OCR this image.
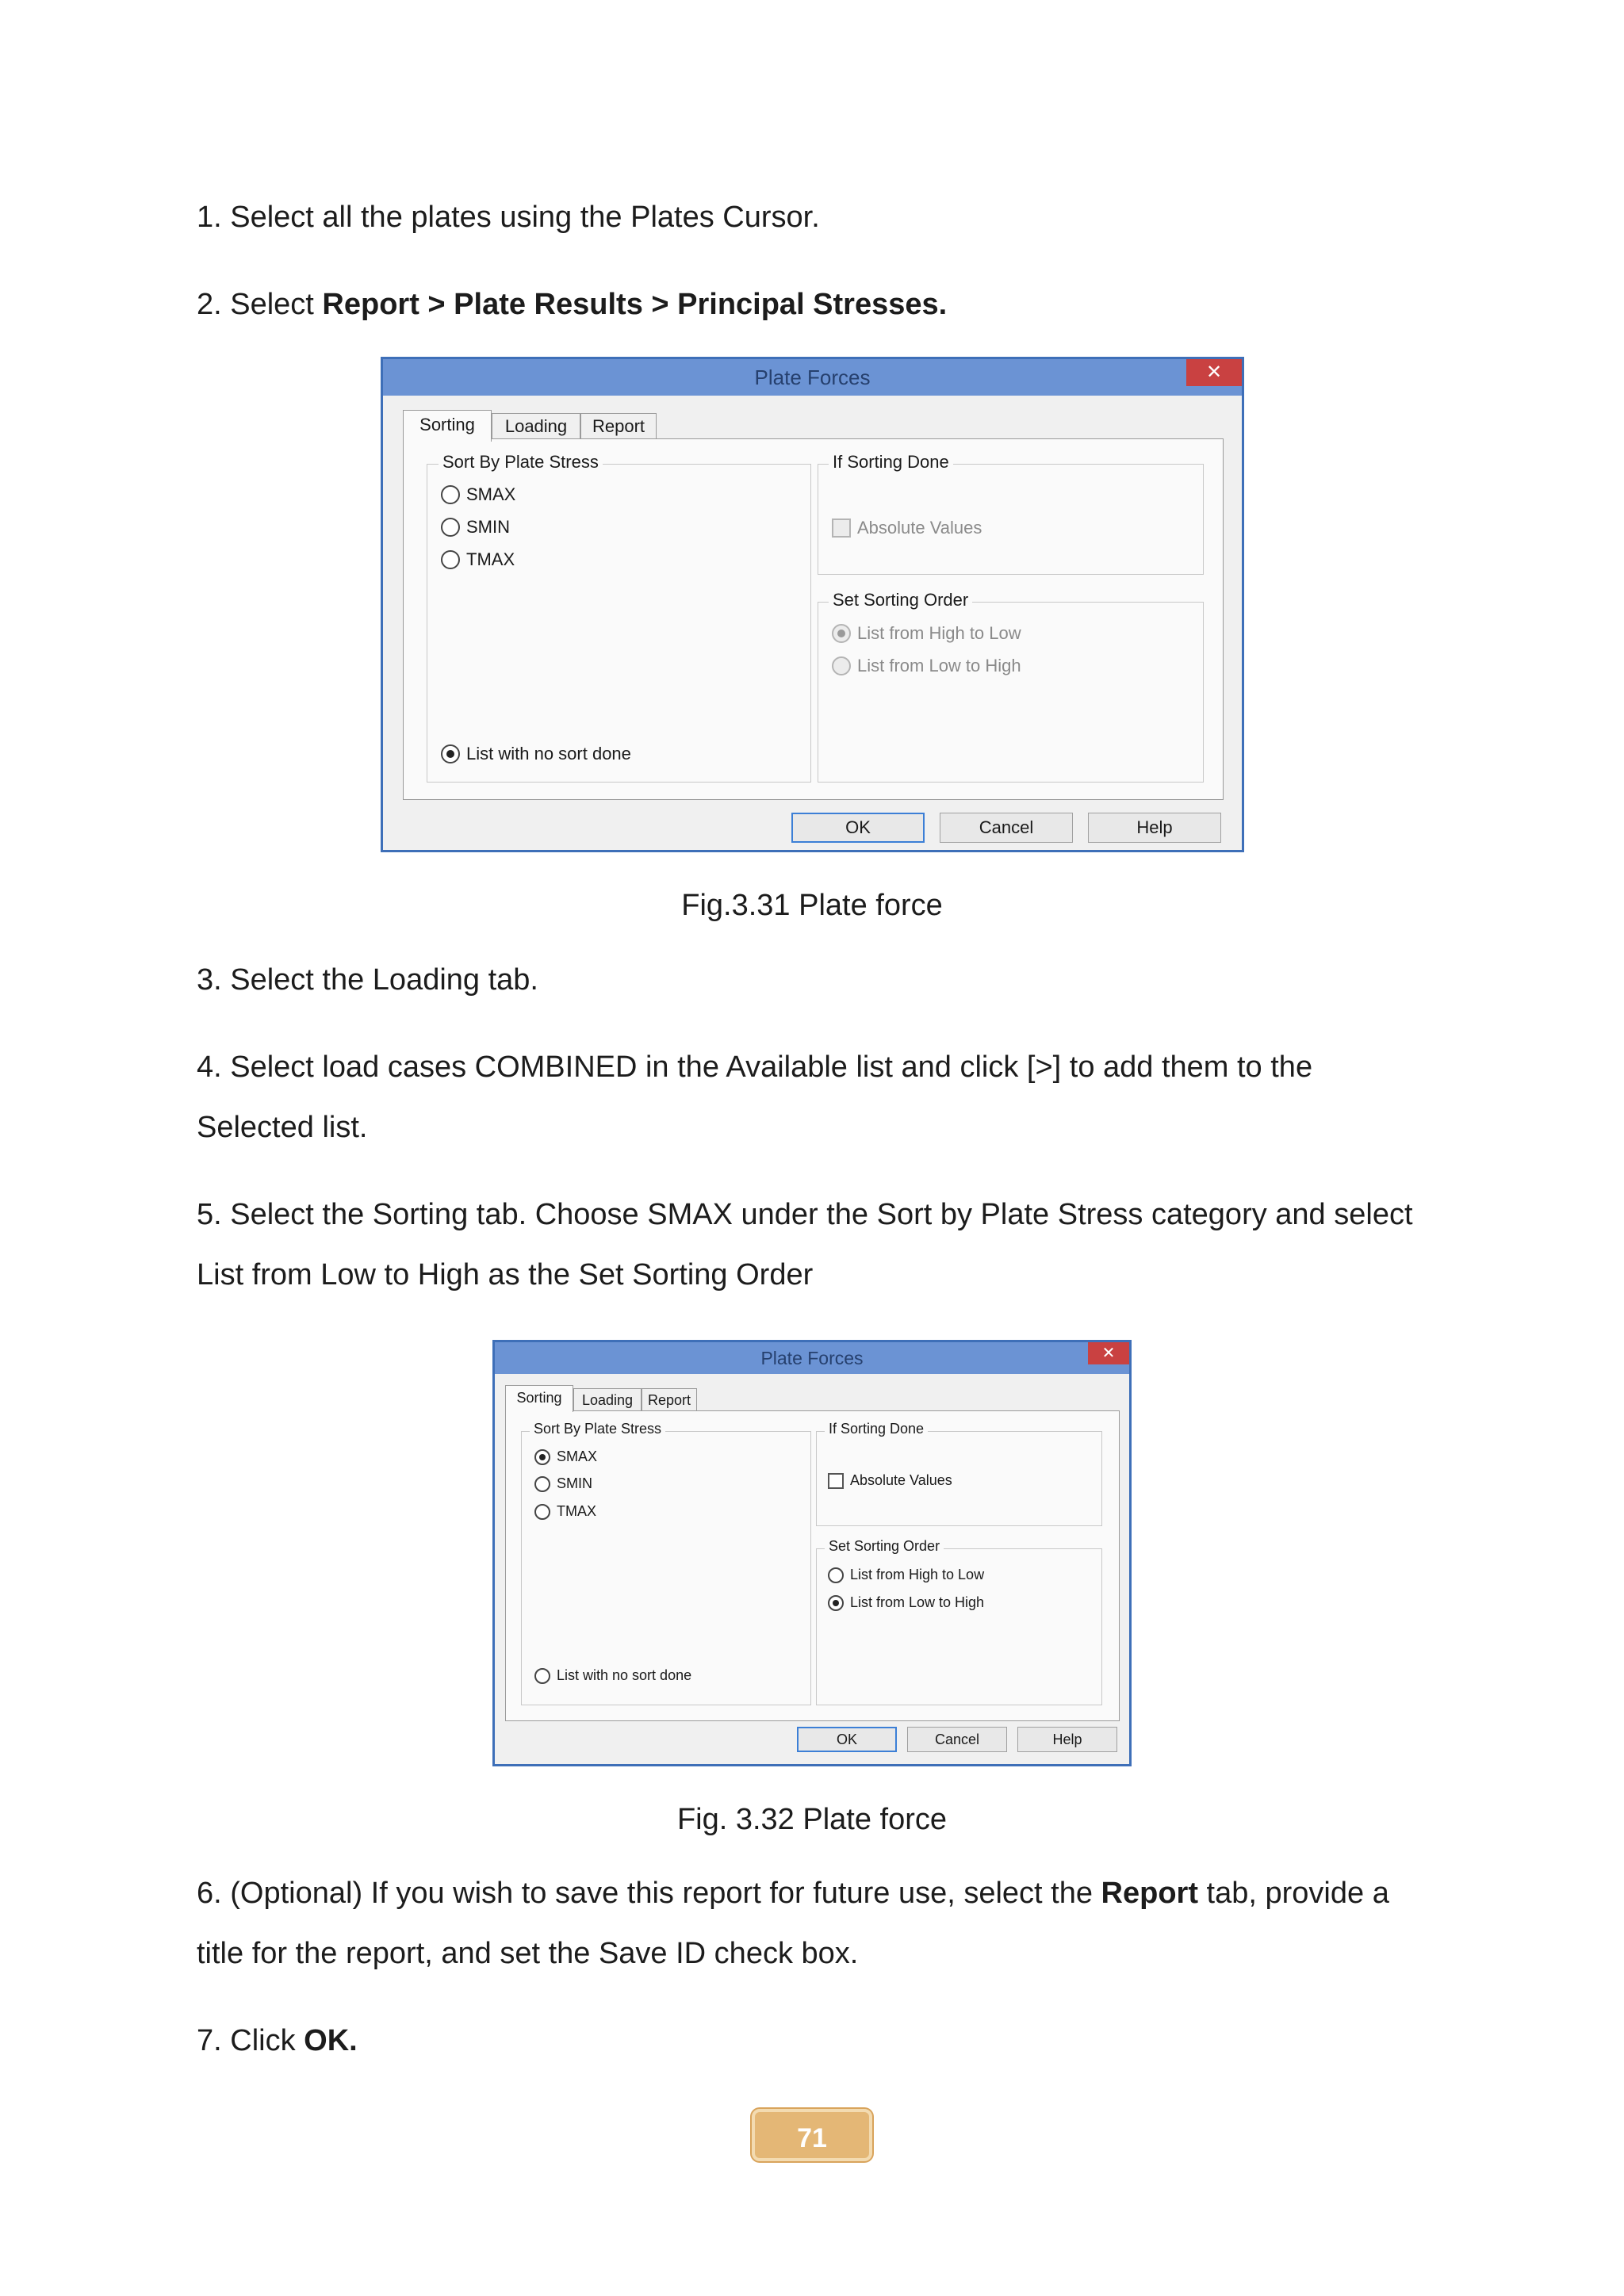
1. Select all the plates using the Plates Cursor.

2. Select Report > Plate Results > Principal Stresses.

Plate Forces	✕
Sorting	Loading	Report
Sort By Plate Stress
SMAX
SMIN
TMAX
List with no sort done
If Sorting Done
Absolute Values
Set Sorting Order
List from High to Low
List from Low to High
OK	Cancel	Help
Fig.3.31 Plate force

3. Select the Loading tab.

4. Select load cases COMBINED in the Available list and click [>] to add them to the Selected list.

5. Select the Sorting tab. Choose SMAX under the Sort by Plate Stress category and select List from Low to High as the Set Sorting Order

Plate Forces	✕
Sorting	Loading	Report
Sort By Plate Stress
SMAX
SMIN
TMAX
List with no sort done
If Sorting Done
Absolute Values
Set Sorting Order
List from High to Low
List from Low to High
OK	Cancel	Help
Fig. 3.32 Plate force

6. (Optional) If you wish to save this report for future use, select the Report tab, provide a title for the report, and set the Save ID check box.

7. Click OK.

71
